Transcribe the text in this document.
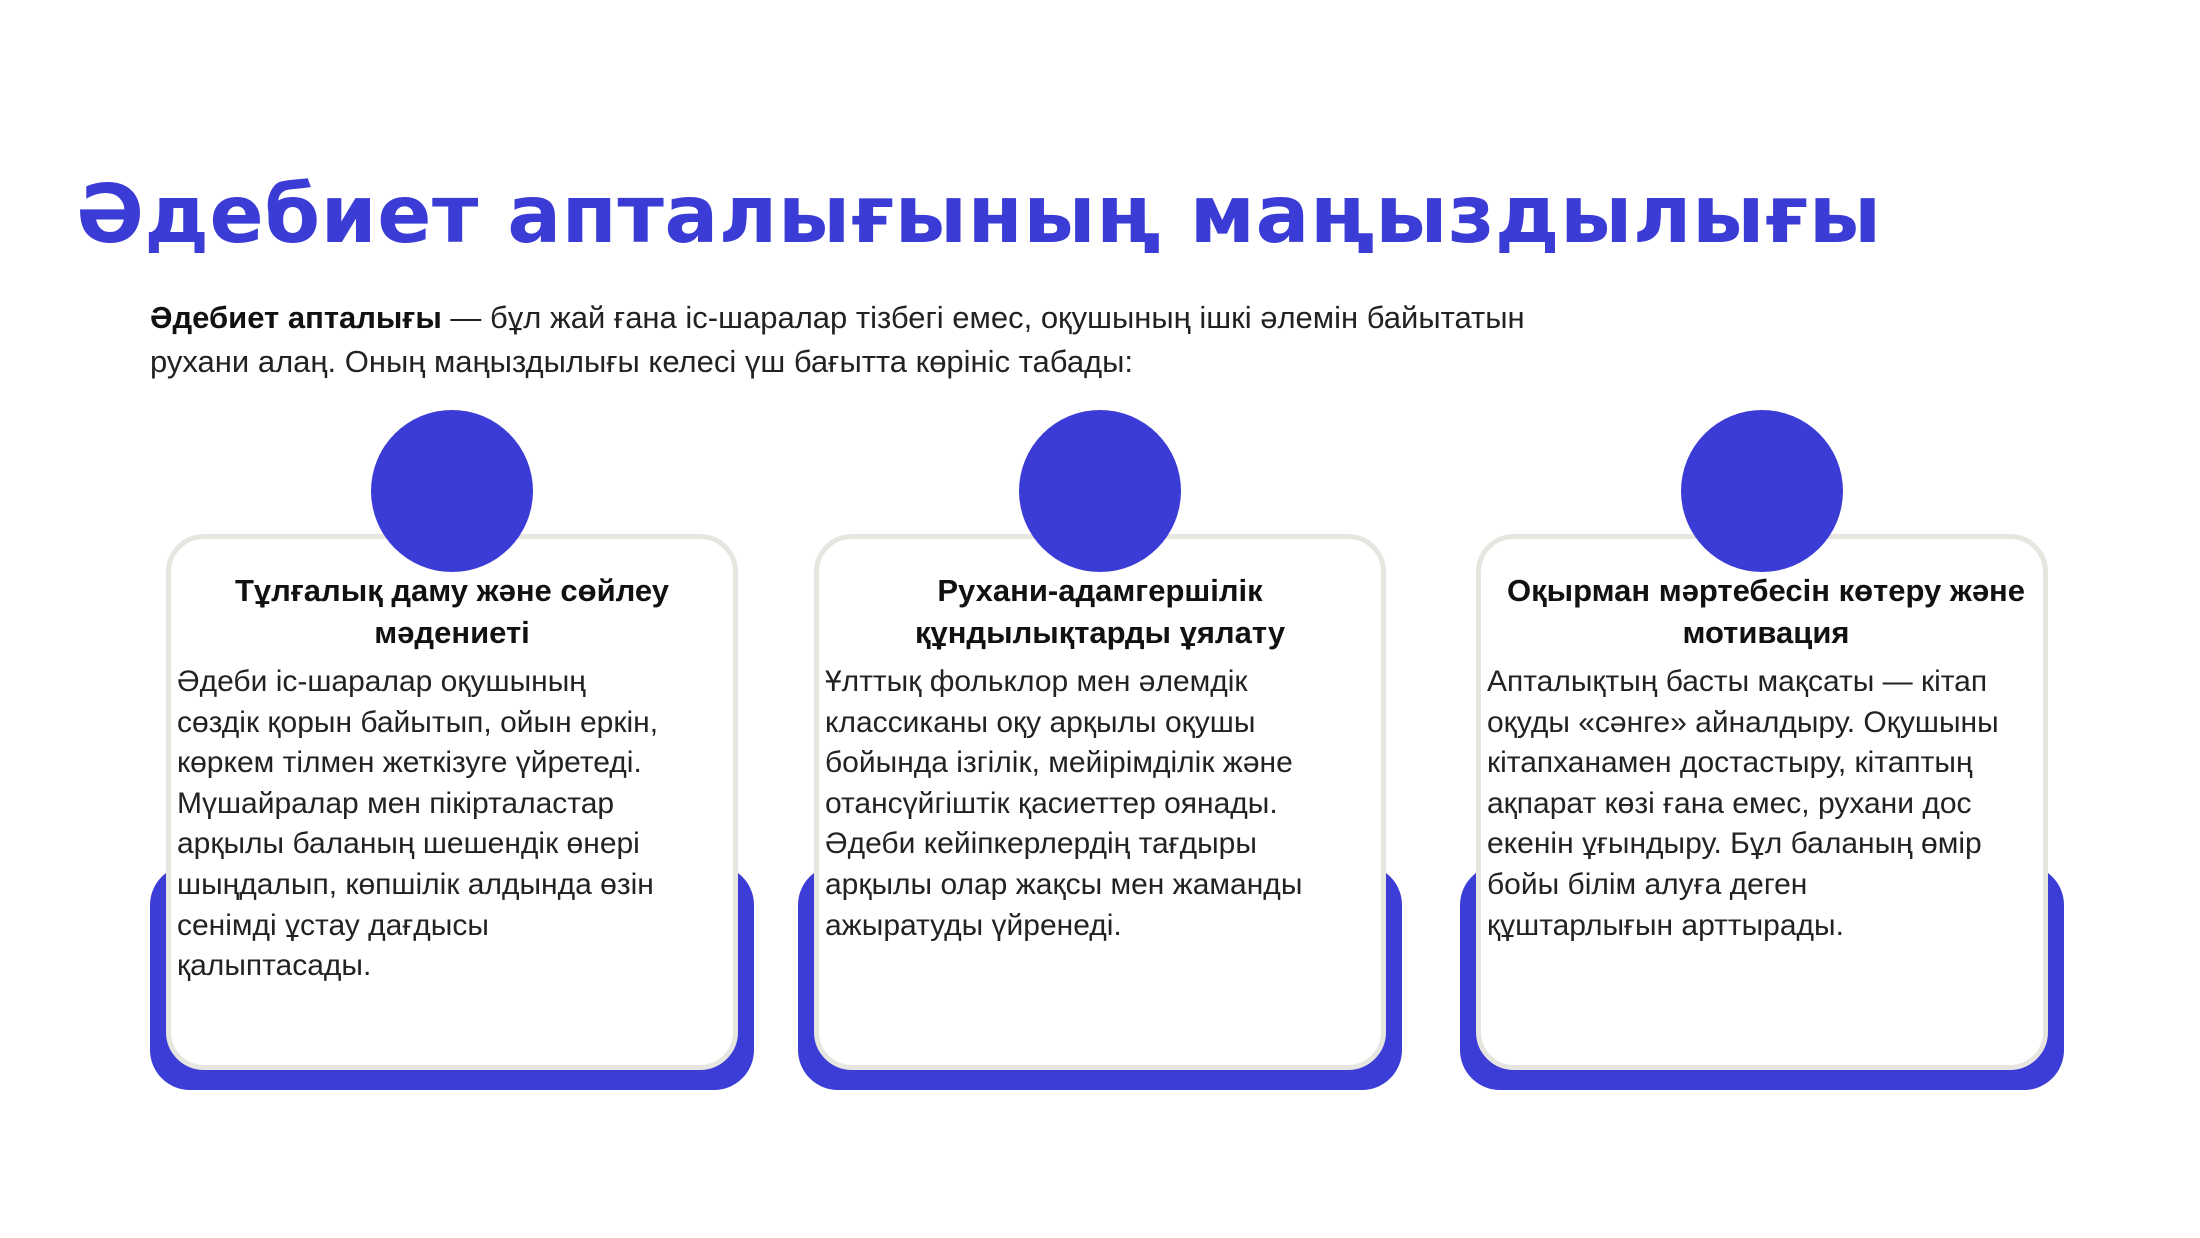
Әдебиет апталығының маңыздылығы

Әдебиет апталығы — бұл жай ғана іс-шаралар тізбегі емес, оқушының ішкі әлемін байытатын
рухани алаң. Оның маңыздылығы келесі үш бағытта көрініс табады:

Тұлғалық даму және сөйлеу
мәдениеті

Әдеби іс-шаралар оқушының
сөздік қорын байытып, ойын еркін,
көркем тілмен жеткізуге үйретеді.
Мүшайралар мен пікірталастар
арқылы баланың шешендік өнері
шыңдалып, көпшілік алдында өзін
сенімді ұстау дағдысы
қалыптасады.

Рухани-адамгершілік
құндылықтарды ұялату

Ұлттық фольклор мен әлемдік
классиканы оқу арқылы оқушы
бойында ізгілік, мейірімділік және
отансүйгіштік қасиеттер оянады.
Әдеби кейіпкерлердің тағдыры
арқылы олар жақсы мен жаманды
ажыратуды үйренеді.

Оқырман мәртебесін көтеру және
мотивация

Апталықтың басты мақсаты — кітап
оқуды «сәнге» айналдыру. Оқушыны
кітапханамен достастыру, кітаптың
ақпарат көзі ғана емес, рухани дос
екенін ұғындыру. Бұл баланың өмір
бойы білім алуға деген
құштарлығын арттырады.
